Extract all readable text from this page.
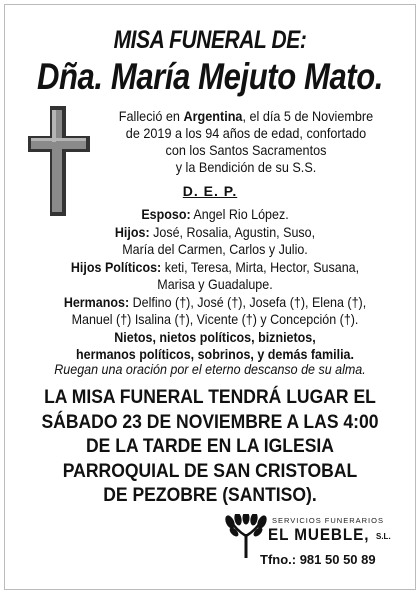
MISA FUNERAL DE:
Dña. María Mejuto Mato.
Falleció en Argentina, el día 5 de Noviembre
de 2019 a los 94 años de edad, confortado
con los Santos Sacramentos
y la Bendición de su S.S.
D. E. P.
Esposo: Angel Rio López.
Hijos: José, Rosalia, Agustin, Suso,
María del Carmen, Carlos y Julio.
Hijos Políticos: keti, Teresa, Mirta, Hector, Susana,
Marisa y Guadalupe.
Hermanos: Delfino (†), José (†), Josefa (†), Elena (†),
Manuel (†) Isalina (†), Vicente (†) y Concepción (†).
Nietos, nietos políticos, biznietos,
hermanos políticos, sobrinos, y demás familia.
Ruegan una oración por el eterno descanso de su alma.
LA MISA FUNERAL TENDRÁ LUGAR EL
SÁBADO 23 DE NOVIEMBRE A LAS 4:00
DE LA TARDE EN LA IGLESIA
PARROQUIAL DE SAN CRISTOBAL
DE PEZOBRE (SANTISO).
SERVICIOS FUNERARIOS
EL MUEBLE, S.L.
Tfno.: 981 50 50 89
